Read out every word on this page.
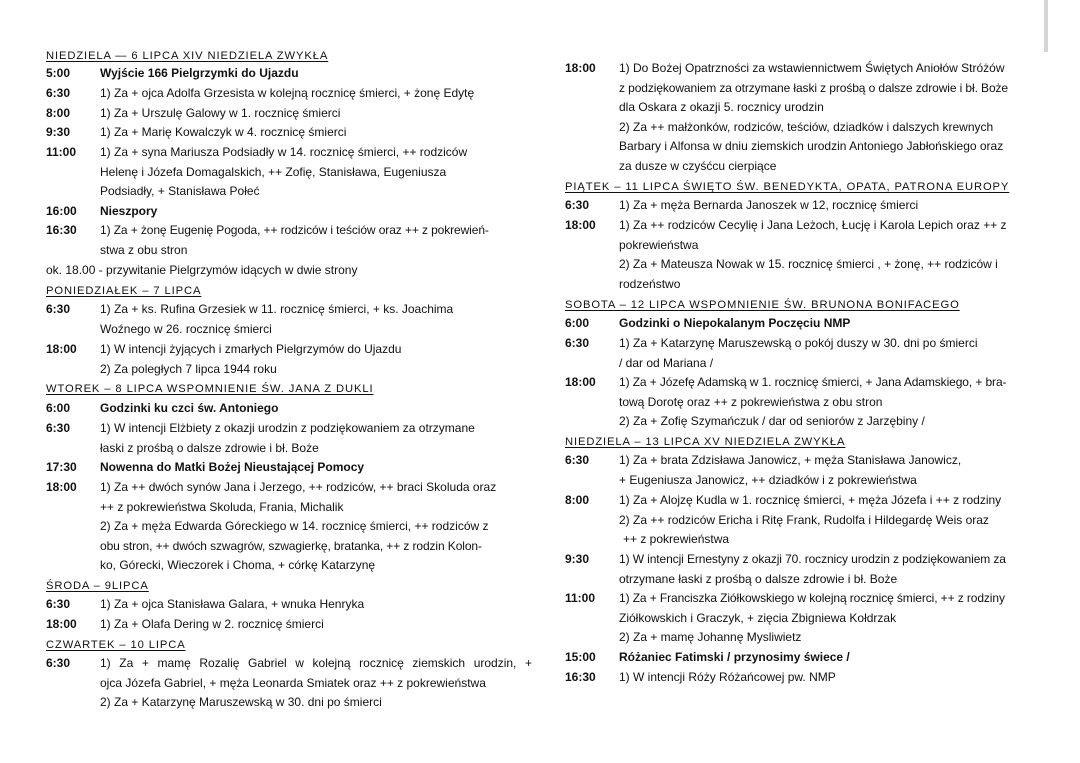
NIEDZIELA — 6 LIPCA XIV NIEDZIELA ZWYKŁA
5:00	Wyjście 166 Pielgrzymki do Ujazdu
6:30	1) Za + ojca Adolfa Grzesista w kolejną rocznicę śmierci, + żonę Edytę
8:00	1) Za + Urszulę Galowy w 1. rocznicę śmierci
9:30	1) Za + Marię Kowalczyk w 4. rocznicę śmierci
11:00	1) Za + syna Mariusza Podsiadły w 14. rocznicę śmierci, ++ rodziców
Helenę i Józefa Domagalskich, ++ Zofię, Stanisława, Eugeniusza
Podsiadły, + Stanisława Połeć
16:00	Nieszpory
16:30	1) Za + żonę Eugenię Pogoda, ++ rodziców i teściów oraz ++ z pokrewień-
stwa z obu stron
ok. 18.00 - przywitanie Pielgrzymów idących w dwie strony
PONIEDZIAŁEK – 7 LIPCA
6:30	1) Za + ks. Rufina Grzesiek w 11. rocznicę śmierci, + ks. Joachima
Woźnego w 26. rocznicę śmierci
18:00	1) W intencji żyjących i zmarłych Pielgrzymów do Ujazdu
2) Za poległych 7 lipca 1944 roku
WTOREK – 8 LIPCA WSPOMNIENIE ŚW. JANA Z DUKLI
6:00	Godzinki ku czci św. Antoniego
6:30	1) W intencji Elżbiety z okazji urodzin z podziękowaniem za otrzymane
łaski z prośbą o dalsze zdrowie i bł. Boże
17:30	Nowenna do Matki Bożej Nieustającej Pomocy
18:00	1) Za ++ dwóch synów Jana i Jerzego, ++ rodziców, ++ braci Skoluda oraz
++ z pokrewieństwa Skoluda, Frania, Michalik
2) Za + męża Edwarda Góreckiego w 14. rocznicę śmierci, ++ rodziców z
obu stron, ++ dwóch szwagrów, szwagierkę, bratanka, ++ z rodzin Kolon-
ko, Górecki, Wieczorek i Choma, + córkę Katarzynę
ŚRODA – 9LIPCA
6:30	1) Za + ojca Stanisława Galara, + wnuka Henryka
18:00	1) Za + Olafa Dering w 2. rocznicę śmierci
CZWARTEK – 10 LIPCA
6:30	1) Za + mamę Rozalię Gabriel w kolejną rocznicę ziemskich urodzin, +
ojca Józefa Gabriel, + męża Leonarda Smiatek oraz ++ z pokrewieństwa
2) Za + Katarzynę Maruszewską w 30. dni po śmierci
18:00	1) Do Bożej Opatrzności za wstawiennictwem Świętych Aniołów Stróżów
z podziękowaniem za otrzymane łaski z prośbą o dalsze zdrowie i bł. Boże
dla Oskara z okazji 5. rocznicy urodzin
2) Za ++ małżonków, rodziców, teściów, dziadków i dalszych krewnych
Barbary i Alfonsa w dniu ziemskich urodzin Antoniego Jabłońskiego oraz
za dusze w czyśćcu cierpiące
PIĄTEK – 11 LIPCA ŚWIĘTO ŚW. BENEDYKTA, OPATA, PATRONA EUROPY
6:30	1) Za + męża Bernarda Janoszek w 12, rocznicę śmierci
18:00	1) Za ++ rodziców Cecylię i Jana Leżoch, Łucję i Karola Lepich oraz ++ z
pokrewieństwa
2) Za + Mateusza Nowak w 15. rocznicę śmierci , + żonę, ++ rodziców i
rodzeństwo
SOBOTA – 12 LIPCA WSPOMNIENIE ŚW. BRUNONA BONIFACEGO
6:00	Godzinki o Niepokalanym Poczęciu NMP
6:30	1) Za + Katarzynę Maruszewską o pokój duszy w 30. dni po śmierci
/ dar od Mariana /
18:00	1) Za + Józefę Adamską w 1. rocznicę śmierci, + Jana Adamskiego, + bra-
tową Dorotę oraz ++ z pokrewieństwa z obu stron
2) Za + Zofię Szymańczuk / dar od seniorów z Jarzębiny /
NIEDZIELA – 13 LIPCA XV NIEDZIELA ZWYKŁA
6:30	1) Za + brata Zdzisława Janowicz, + męża Stanisława Janowicz,
+ Eugeniusza Janowicz, ++ dziadków i z pokrewieństwa
8:00	1) Za + Alojzę Kudla w 1. rocznicę śmierci, + męża Józefa i ++ z rodziny
2) Za ++ rodziców Ericha i Ritę Frank, Rudolfa i Hildegardę Weis oraz
++ z pokrewieństwa
9:30	1) W intencji Ernestyny z okazji 70. rocznicy urodzin z podziękowaniem za
otrzymane łaski z prośbą o dalsze zdrowie i bł. Boże
11:00	1) Za + Franciszka Ziółkowskiego w kolejną rocznicę śmierci, ++ z rodziny
Ziółkowskich i Graczyk, + zięcia Zbigniewa Kołdrzak
2) Za + mamę Johannę Mysliwietz
15:00	Różaniec Fatimski / przynosimy świece /
16:30	1) W intencji Róży Różańcowej pw. NMP
